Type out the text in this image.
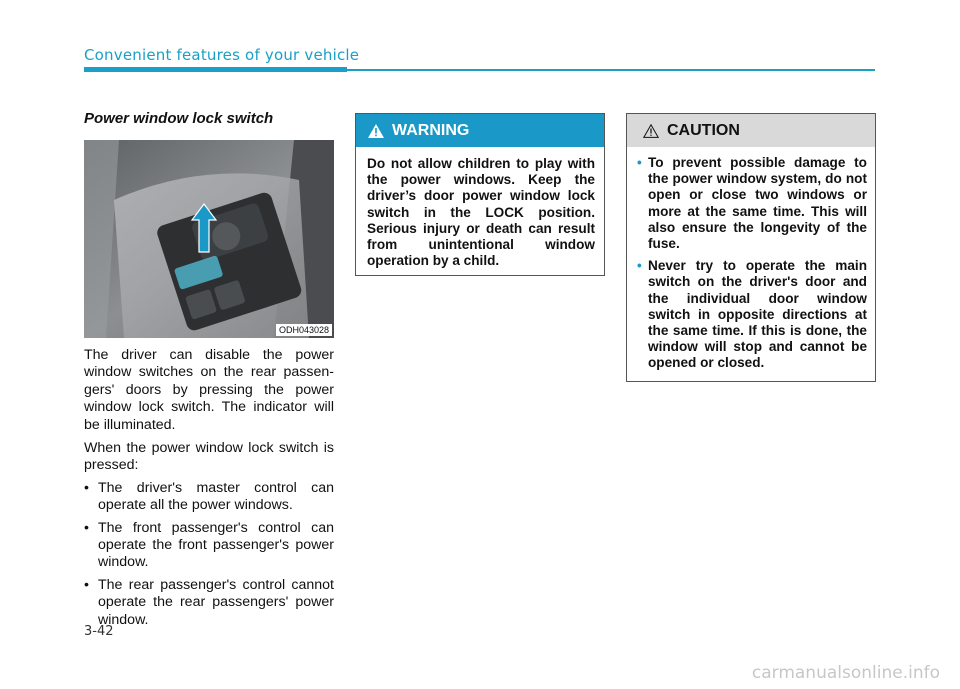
Convenient features of your vehicle
Power window lock switch
ODH043028

The driver can disable the power window switches on the rear passengers' doors by pressing the power window lock switch. The indicator will be illuminated.

When the power window lock switch is pressed:

• The driver's master control can operate all the power windows.
• The front passenger's control can operate the front passenger's power window.
• The rear passenger's control cannot operate the rear passengers' power window.
WARNING
Do not allow children to play with the power windows. Keep the driver’s door power window lock switch in the LOCK position. Serious injury or death can result from unintentional window operation by a child.
CAUTION
• To prevent possible damage to the power window system, do not open or close two windows or more at the same time. This will also ensure the longevity of the fuse.
• Never try to operate the main switch on the driver's door and the individual door window switch in opposite directions at the same time. If this is done, the window will stop and cannot be opened or closed.
3-42
carmanualsonline.info
